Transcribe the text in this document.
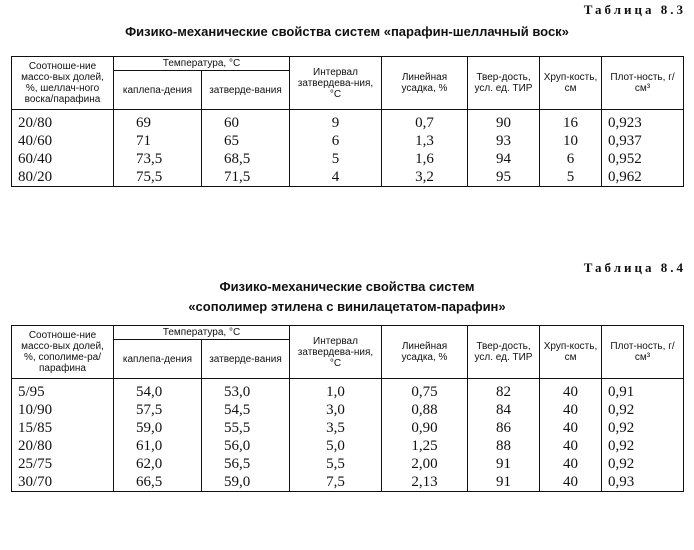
Таблица 8.3
Физико-механические свойства систем «парафин-шеллачный воск»
Соотноше-ние массо-вых долей, %, шеллач-ного воска/парафина	Температура, °С		Интервал затвердева-ния, °С	Линейная усадка, %	Твер-дость, усл. ед. ТИР	Хруп-кость, см	Плот-ность, г/см³
	каплепа-дения	затверде-вания					
20/80	69	60	9	0,7	90	16	0,923
40/60	71	65	6	1,3	93	10	0,937
60/40	73,5	68,5	5	1,6	94	6	0,952
80/20	75,5	71,5	4	3,2	95	5	0,962
Таблица 8.4
Физико-механические свойства систем
«сополимер этилена с винилацетатом-парафин»
Соотноше-ние массо-вых долей, %, сополиме-ра/парафина	Температура, °С		Интервал затвердева-ния, °С	Линейная усадка, %	Твер-дость, усл. ед. ТИР	Хруп-кость, см	Плот-ность, г/см³
	каплепа-дения	затверде-вания					
5/95	54,0	53,0	1,0	0,75	82	40	0,91
10/90	57,5	54,5	3,0	0,88	84	40	0,92
15/85	59,0	55,5	3,5	0,90	86	40	0,92
20/80	61,0	56,0	5,0	1,25	88	40	0,92
25/75	62,0	56,5	5,5	2,00	91	40	0,92
30/70	66,5	59,0	7,5	2,13	91	40	0,93
